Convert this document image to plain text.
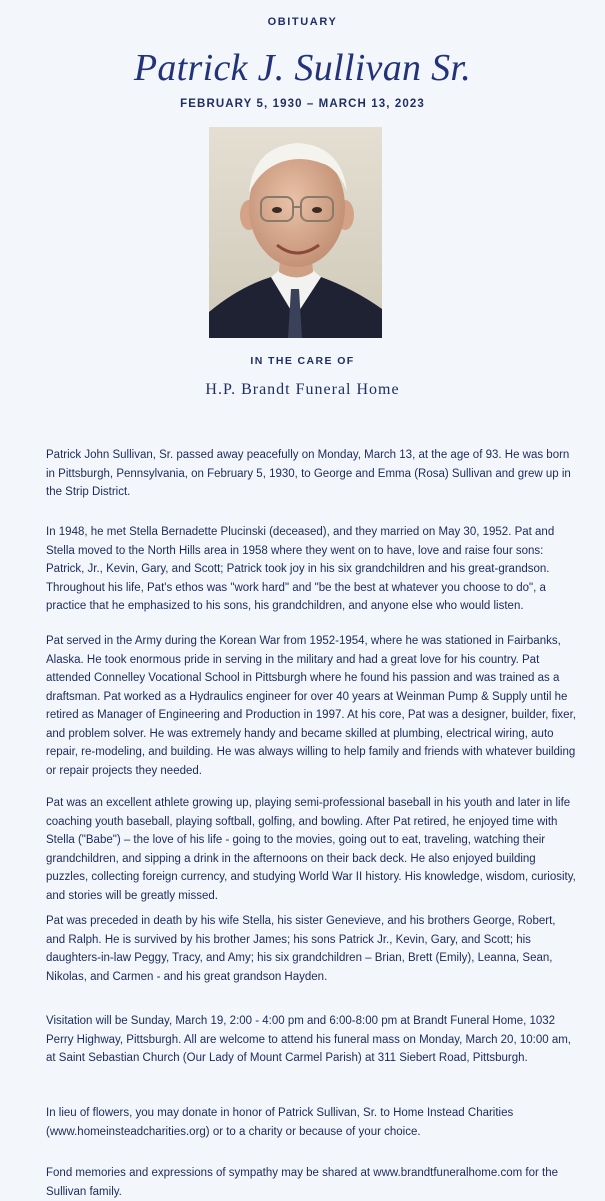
OBITUARY
Patrick J. Sullivan Sr.
FEBRUARY 5, 1930 – MARCH 13, 2023
IN THE CARE OF
H.P. Brandt Funeral Home

Patrick John Sullivan, Sr. passed away peacefully on Monday, March 13, at the age of 93. He was born in Pittsburgh, Pennsylvania, on February 5, 1930, to George and Emma (Rosa) Sullivan and grew up in the Strip District.

In 1948, he met Stella Bernadette Plucinski (deceased), and they married on May 30, 1952. Pat and Stella moved to the North Hills area in 1958 where they went on to have, love and raise four sons: Patrick, Jr., Kevin, Gary, and Scott; Patrick took joy in his six grandchildren and his great-grandson. Throughout his life, Pat's ethos was "work hard" and "be the best at whatever you choose to do", a practice that he emphasized to his sons, his grandchildren, and anyone else who would listen.

Pat served in the Army during the Korean War from 1952-1954, where he was stationed in Fairbanks, Alaska. He took enormous pride in serving in the military and had a great love for his country. Pat attended Connelley Vocational School in Pittsburgh where he found his passion and was trained as a draftsman. Pat worked as a Hydraulics engineer for over 40 years at Weinman Pump & Supply until he retired as Manager of Engineering and Production in 1997. At his core, Pat was a designer, builder, fixer, and problem solver. He was extremely handy and became skilled at plumbing, electrical wiring, auto repair, re-modeling, and building. He was always willing to help family and friends with whatever building or repair projects they needed.

Pat was an excellent athlete growing up, playing semi-professional baseball in his youth and later in life coaching youth baseball, playing softball, golfing, and bowling. After Pat retired, he enjoyed time with Stella ("Babe") – the love of his life - going to the movies, going out to eat, traveling, watching their grandchildren, and sipping a drink in the afternoons on their back deck. He also enjoyed building puzzles, collecting foreign currency, and studying World War II history. His knowledge, wisdom, curiosity, and stories will be greatly missed.

Pat was preceded in death by his wife Stella, his sister Genevieve, and his brothers George, Robert, and Ralph. He is survived by his brother James; his sons Patrick Jr., Kevin, Gary, and Scott; his daughters-in-law Peggy, Tracy, and Amy; his six grandchildren – Brian, Brett (Emily), Leanna, Sean, Nikolas, and Carmen - and his great grandson Hayden.

Visitation will be Sunday, March 19, 2:00 - 4:00 pm and 6:00-8:00 pm at Brandt Funeral Home, 1032 Perry Highway, Pittsburgh. All are welcome to attend his funeral mass on Monday, March 20, 10:00 am, at Saint Sebastian Church (Our Lady of Mount Carmel Parish) at 311 Siebert Road, Pittsburgh.

In lieu of flowers, you may donate in honor of Patrick Sullivan, Sr. to Home Instead Charities (www.homeinsteadcharities.org) or to a charity or because of your choice.

Fond memories and expressions of sympathy may be shared at www.brandtfuneralhome.com for the Sullivan family.
